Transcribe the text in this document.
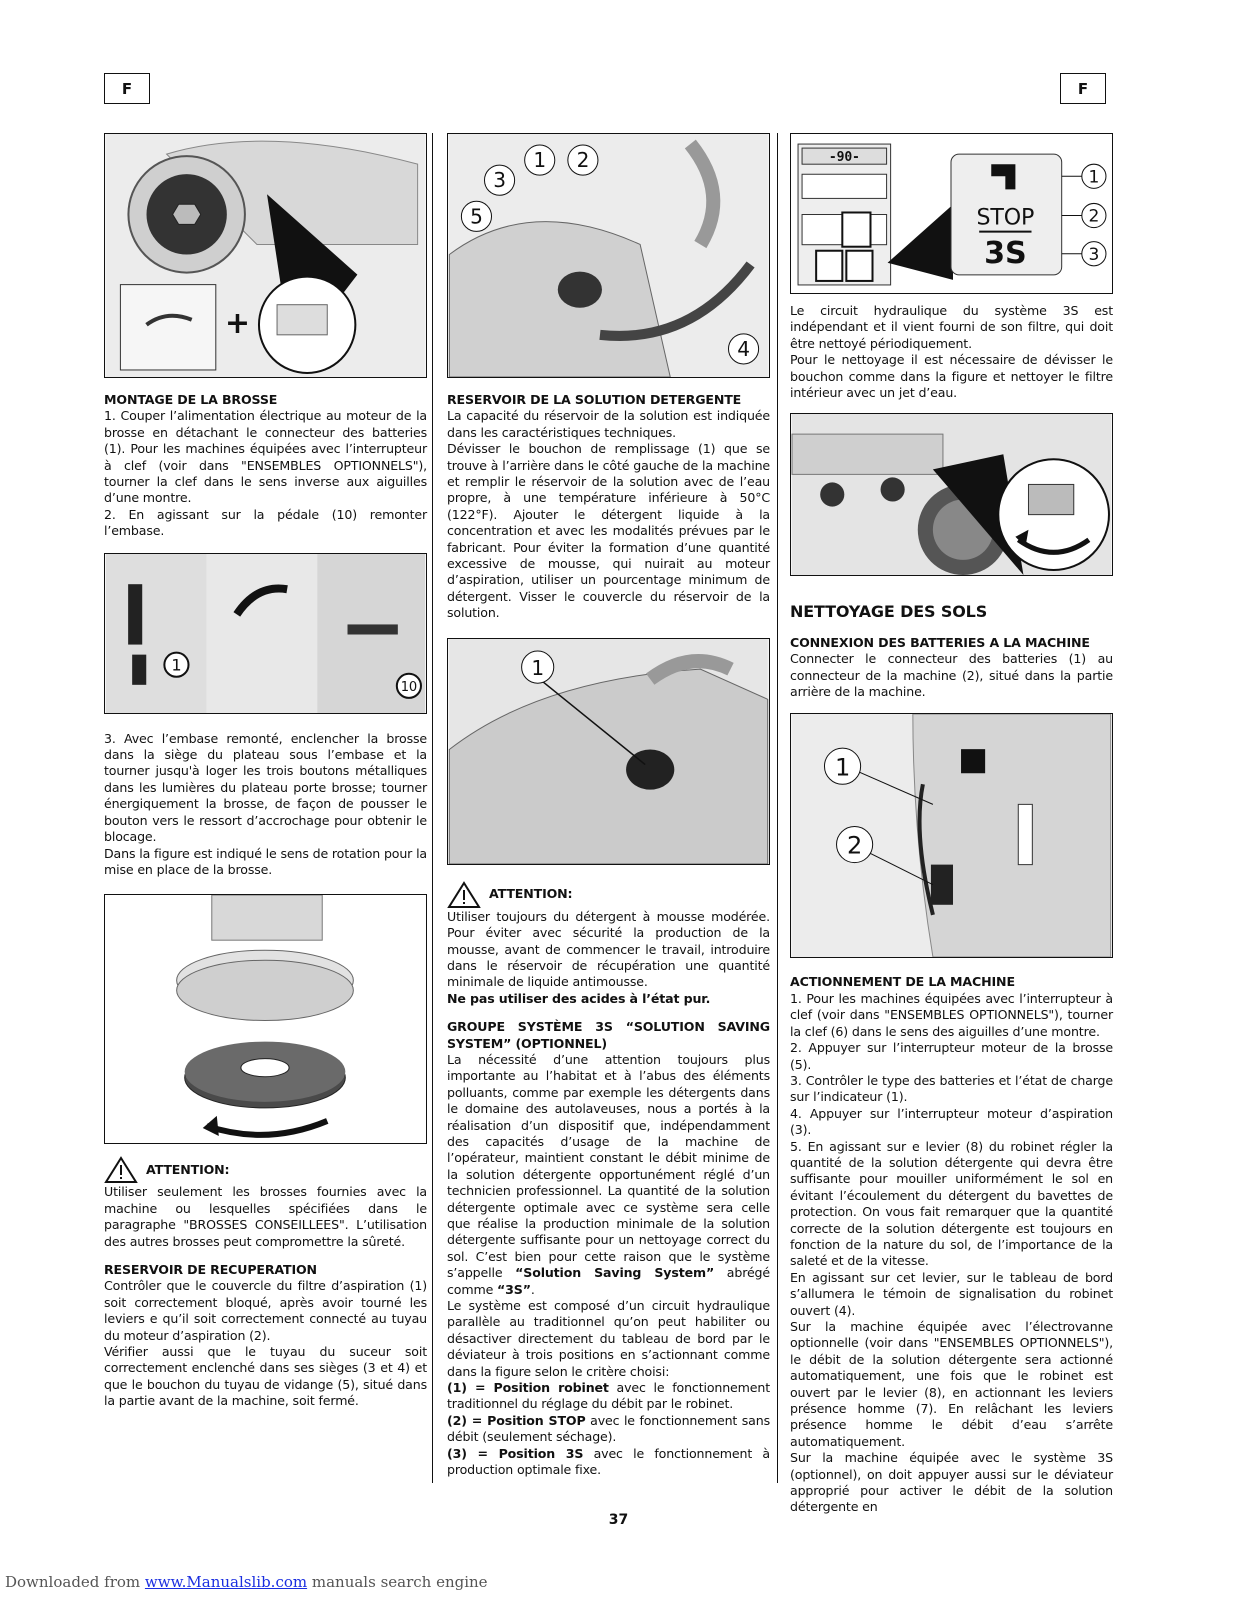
F	F
+

MONTAGE DE LA BROSSE

1. Couper l’alimentation électrique au moteur de la brosse en détachant le connecteur des batteries (1). Pour les machines équipées avec l’interrupteur à clef (voir dans "ENSEMBLES OPTIONNELS"), tourner la clef dans le sens inverse aux aiguilles d’une montre.

2. En agissant sur la pédale (10) remonter l’embase.

1
10

3. Avec l’embase remonté, enclencher la brosse dans la siège du plateau sous l’embase et la tourner jusqu'à loger les trois boutons métalliques dans les lumières du plateau porte brosse; tourner énergiquement la brosse, de façon de pousser le bouton vers le ressort d’accrochage pour obtenir le blocage.

Dans la figure est indiqué le sens de rotation pour la mise en place de la brosse.

ATTENTION:

Utiliser seulement les brosses fournies avec la machine ou lesquelles spécifiées dans le paragraphe "BROSSES CONSEILLEES". L’utilisation des autres brosses peut compromettre la sûreté.

RESERVOIR DE RECUPERATION

Contrôler que le couvercle du filtre d’aspiration (1) soit correctement bloqué, après avoir tourné les leviers e qu’il soit correctement connecté au tuyau du moteur d’aspiration (2).

Vérifier aussi que le tuyau du suceur soit correctement enclenché dans ses sièges (3 et 4) et que le bouchon du tuyau de vidange (5), situé dans la partie avant de la machine, soit fermé.

1 2
3
5
4

RESERVOIR DE LA SOLUTION DETERGENTE

La capacité du réservoir de la solution est indiquée dans les caractéristiques techniques.

Dévisser le bouchon de remplissage (1) que se trouve à l’arrière dans le côté gauche de la machine et remplir le réservoir de la solution avec de l’eau propre, à une température inférieure à 50°C (122°F). Ajouter le détergent liquide à la concentration et avec les modalités prévues par le fabricant. Pour éviter la formation d’une quantité excessive de mousse, qui nuirait au moteur d’aspiration, utiliser un pourcentage minimum de détergent. Visser le couvercle du réservoir de la solution.

1
ATTENTION:

Utiliser toujours du détergent à mousse modérée. Pour éviter avec sécurité la production de la mousse, avant de commencer le travail, introduire dans le réservoir de récupération une quantité minimale de liquide antimousse.

Ne pas utiliser des acides à l’état pur.

GROUPE SYSTÈME 3S “SOLUTION SAVING SYSTEM” (OPTIONNEL)

La nécessité d’une attention toujours plus importante au l’habitat et à l’abus des éléments polluants, comme par exemple les détergents dans le domaine des autolaveuses, nous a portés à la réalisation d’un dispositif que, indépendamment des capacités d’usage de la machine de l’opérateur, maintient constant le débit minime de la solution détergente opportunément réglé d’un technicien professionnel. La quantité de la solution détergente optimale avec ce système sera celle que réalise la production minimale de la solution détergente suffisante pour un nettoyage correct du sol. C’est bien pour cette raison que le système s’appelle “Solution Saving System” abrégé comme “3S”.

Le système est composé d’un circuit hydraulique parallèle au traditionnel qu’on peut habiliter ou désactiver directement du tableau de bord par le déviateur à trois positions en s’actionnant comme dans la figure selon le critère choisi:

(1) = Position robinet avec le fonctionnement traditionnel du réglage du débit par le robinet.

(2) = Position STOP avec le fonctionnement sans débit (seulement séchage).

(3) = Position 3S avec le fonctionnement à production optimale fixe.

-90-
STOP
3S
1
2
3

Le circuit hydraulique du système 3S est indépendant et il vient fourni de son filtre, qui doit être nettoyé périodiquement.

Pour le nettoyage il est nécessaire de dévisser le bouchon comme dans la figure et nettoyer le filtre intérieur avec un jet d’eau.

NETTOYAGE DES SOLS

CONNEXION DES BATTERIES A LA MACHINE

Connecter le connecteur des batteries (1) au connecteur de la machine (2), situé dans la partie arrière de la machine.

1
2

ACTIONNEMENT DE LA MACHINE

1. Pour les machines équipées avec l’interrupteur à clef (voir dans "ENSEMBLES OPTIONNELS"), tourner la clef (6) dans le sens des aiguilles d’une montre.

2. Appuyer sur l’interrupteur moteur de la brosse (5).

3. Contrôler le type des batteries et l’état de charge sur l’indicateur (1).

4. Appuyer sur l’interrupteur moteur d’aspiration (3).

5. En agissant sur e levier (8) du robinet régler la quantité de la solution détergente qui devra être suffisante pour mouiller uniformément le sol en évitant l’écoulement du détergent du bavettes de protection. On vous fait remarquer que la quantité correcte de la solution détergente est toujours en fonction de la nature du sol, de l’importance de la saleté et de la vitesse.

En agissant sur cet levier, sur le tableau de bord s’allumera le témoin de signalisation du robinet ouvert (4).

Sur la machine équipée avec l’électrovanne optionnelle (voir dans "ENSEMBLES OPTIONNELS"), le débit de la solution détergente sera actionné automatiquement, une fois que le robinet est ouvert par le levier (8), en actionnant les leviers présence homme (7). En relâchant les leviers présence homme le débit d’eau s’arrête automatiquement.

Sur la machine équipée avec le système 3S (optionnel), on doit appuyer aussi sur le déviateur approprié pour activer le débit de la solution détergente en

37
Downloaded from www.Manualslib.com manuals search engine
